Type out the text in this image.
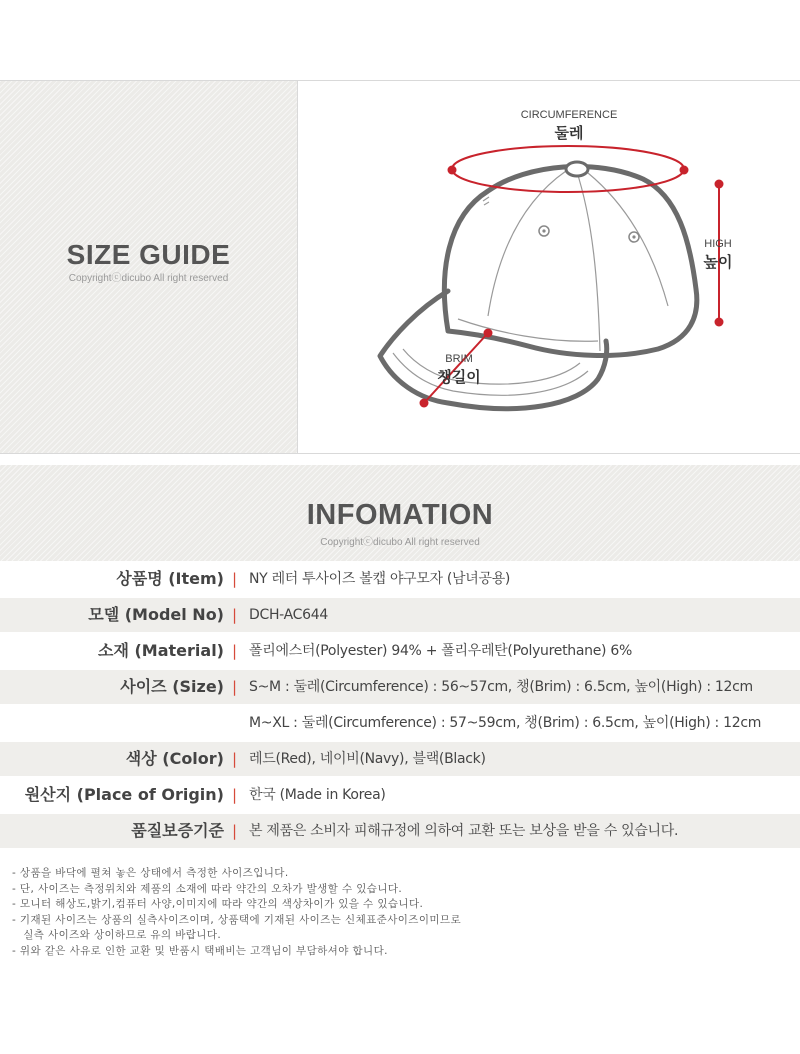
SIZE GUIDE
Copyrightⓒdicubo All right reserved
CIRCUMFERENCE
둘레
HIGH
높이
BRIM
챙길이
INFOMATION
Copyrightⓒdicubo All right reserved
상품명 (Item) | NY 레터 투사이즈 볼캡 야구모자 (남녀공용)
모델 (Model No) | DCH-AC644
소재 (Material) | 폴리에스터(Polyester) 94% + 폴리우레탄(Polyurethane) 6%
사이즈 (Size) | S~M : 둘레(Circumference) : 56~57cm, 챙(Brim) : 6.5cm, 높이(High) : 12cm
M~XL : 둘레(Circumference) : 57~59cm, 챙(Brim) : 6.5cm, 높이(High) : 12cm
색상 (Color) | 레드(Red), 네이비(Navy), 블랙(Black)
원산지 (Place of Origin) | 한국 (Made in Korea)
품질보증기준 | 본 제품은 소비자 피해규정에 의하여 교환 또는 보상을 받을 수 있습니다.
- 상품을 바닥에 펼쳐 놓은 상태에서 측정한 사이즈입니다.
- 단, 사이즈는 측정위치와 제품의 소재에 따라 약간의 오차가 발생할 수 있습니다.
- 모니터 해상도,밝기,컴퓨터 사양,이미지에 따라 약간의 색상차이가 있을 수 있습니다.
- 기재된 사이즈는 상품의 실측사이즈이며, 상품택에 기재된 사이즈는 신체표준사이즈이미므로
실측 사이즈와 상이하므로 유의 바랍니다.
- 위와 같은 사유로 인한 교환 및 반품시 택배비는 고객님이 부담하셔야 합니다.
